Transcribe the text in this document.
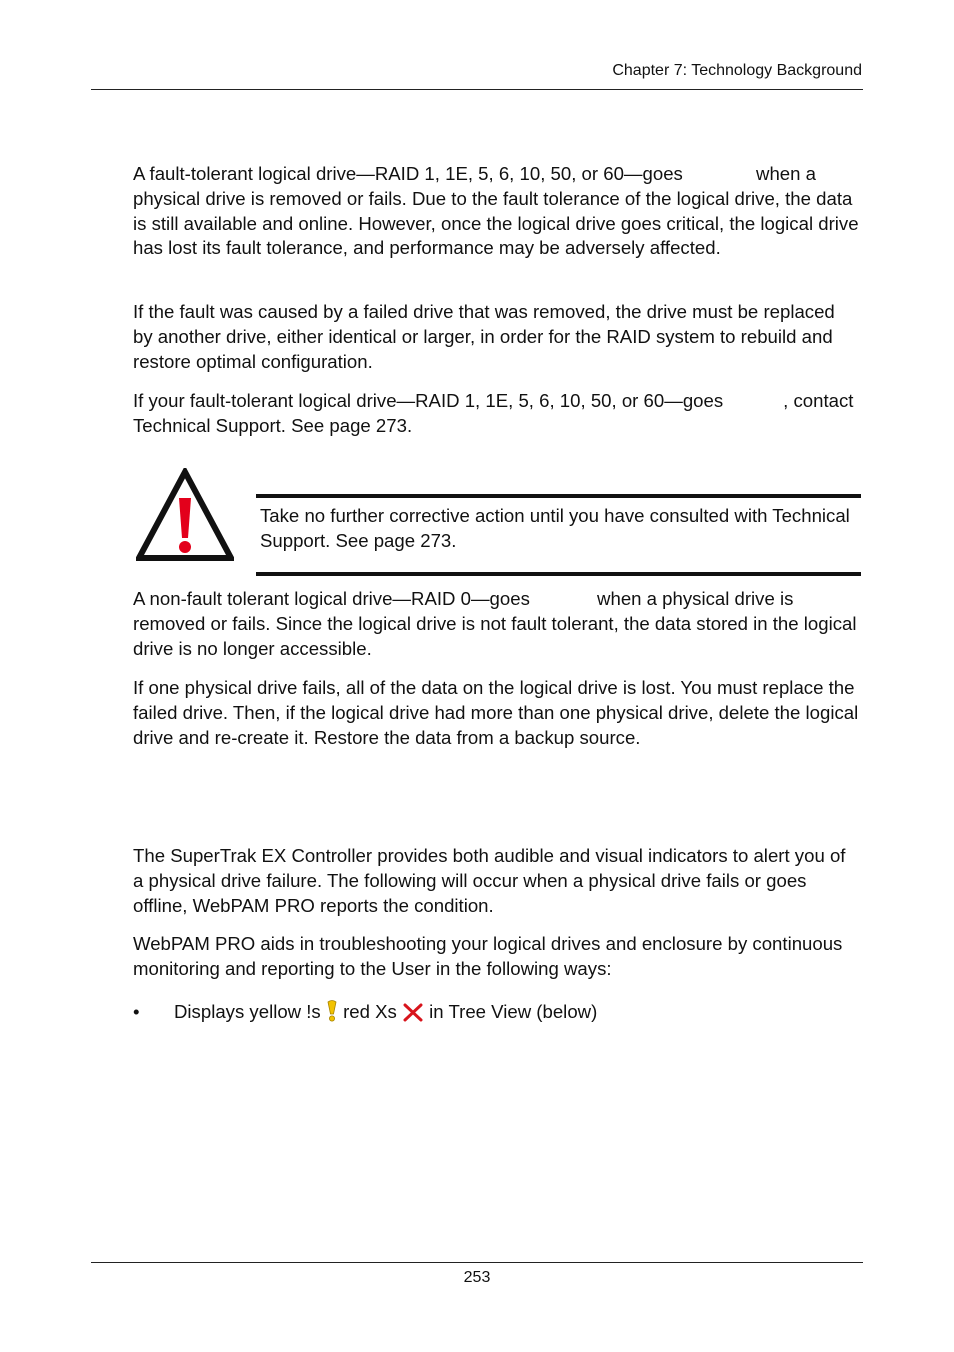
Chapter 7: Technology Background

A fault-tolerant logical drive—RAID 1, 1E, 5, 6, 10, 50, or 60—goes	when a physical drive is removed or fails. Due to the fault tolerance of the logical drive, the data is still available and online. However, once the logical drive goes critical, the logical drive has lost its fault tolerance, and performance may be adversely affected.

If the fault was caused by a failed drive that was removed, the drive must be replaced by another drive, either identical or larger, in order for the RAID system to rebuild and restore optimal configuration.

If your fault-tolerant logical drive—RAID 1, 1E, 5, 6, 10, 50, or 60—goes	, contact Technical Support. See page 273.

Take no further corrective action until you have consulted with Technical Support. See page 273.

A non-fault tolerant logical drive—RAID 0—goes	when a physical drive is removed or fails. Since the logical drive is not fault tolerant, the data stored in the logical drive is no longer accessible.

If one physical drive fails, all of the data on the logical drive is lost. You must replace the failed drive. Then, if the logical drive had more than one physical drive, delete the logical drive and re-create it. Restore the data from a backup source.

The SuperTrak EX Controller provides both audible and visual indicators to alert you of a physical drive failure. The following will occur when a physical drive fails or goes offline, WebPAM PRO reports the condition.

WebPAM PRO aids in troubleshooting your logical drives and enclosure by continuous monitoring and reporting to the User in the following ways:

• Displays yellow !s red Xs in Tree View (below)
253
